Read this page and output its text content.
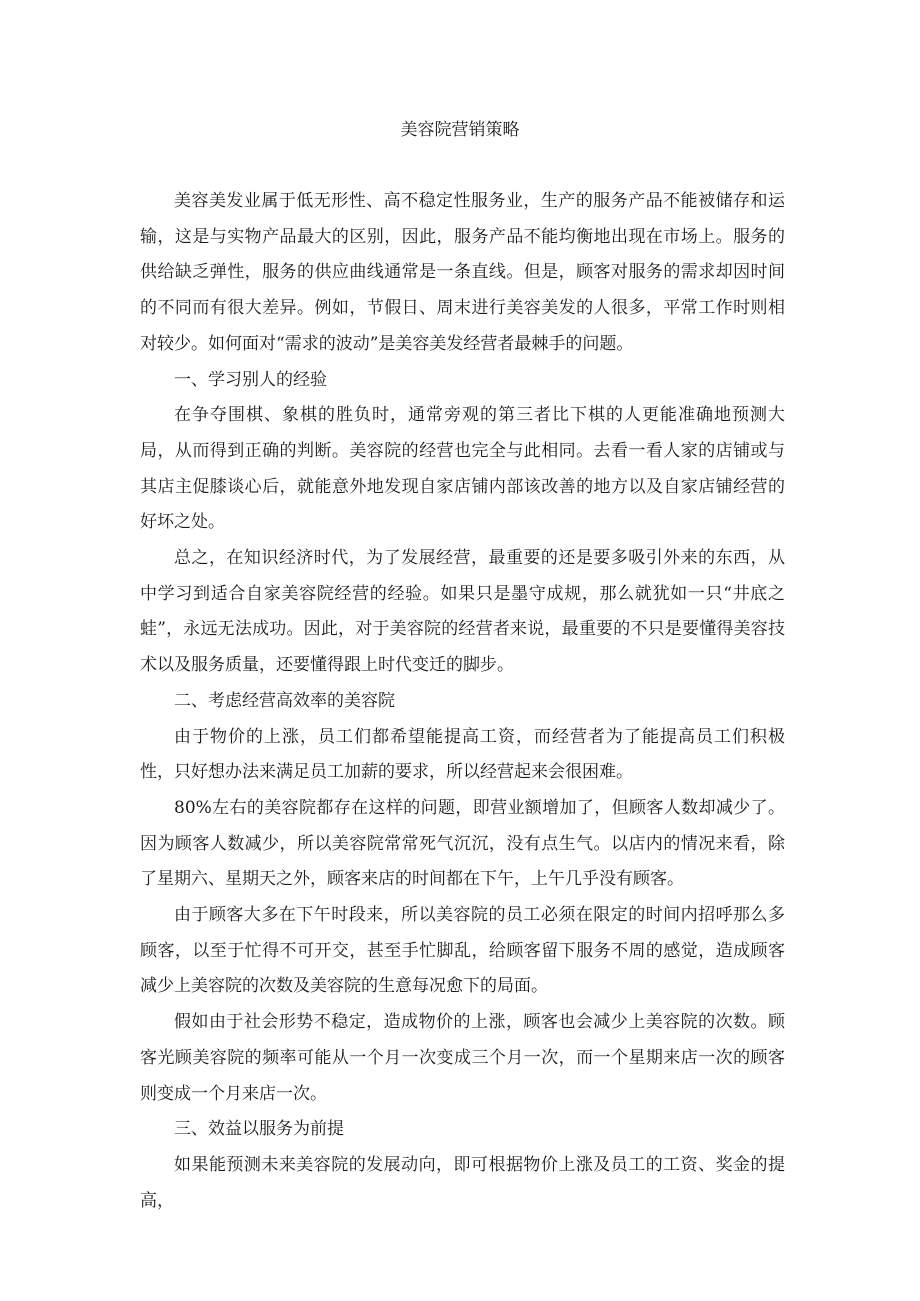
美容院营销策略

美容美发业属于低无形性、高不稳定性服务业，生产的服务产品不能被储存和运输，这是与实物产品最大的区别，因此，服务产品不能均衡地出现在市场上。服务的供给缺乏弹性，服务的供应曲线通常是一条直线。但是，顾客对服务的需求却因时间的不同而有很大差异。例如，节假日、周末进行美容美发的人很多，平常工作时则相对较少。如何面对“需求的波动”是美容美发经营者最棘手的问题。

一、学习别人的经验

在争夺围棋、象棋的胜负时，通常旁观的第三者比下棋的人更能准确地预测大局，从而得到正确的判断。美容院的经营也完全与此相同。去看一看人家的店铺或与其店主促膝谈心后，就能意外地发现自家店铺内部该改善的地方以及自家店铺经营的好坏之处。

总之，在知识经济时代，为了发展经营，最重要的还是要多吸引外来的东西，从中学习到适合自家美容院经营的经验。如果只是墨守成规，那么就犹如一只“井底之蛙”，永远无法成功。因此，对于美容院的经营者来说，最重要的不只是要懂得美容技术以及服务质量，还要懂得跟上时代变迁的脚步。

二、考虑经营高效率的美容院

由于物价的上涨，员工们都希望能提高工资，而经营者为了能提高员工们积极性，只好想办法来满足员工加薪的要求，所以经营起来会很困难。

80%左右的美容院都存在这样的问题，即营业额增加了，但顾客人数却减少了。因为顾客人数减少，所以美容院常常死气沉沉，没有点生气。以店内的情况来看，除了星期六、星期天之外，顾客来店的时间都在下午，上午几乎没有顾客。

由于顾客大多在下午时段来，所以美容院的员工必须在限定的时间内招呼那么多顾客，以至于忙得不可开交，甚至手忙脚乱，给顾客留下服务不周的感觉，造成顾客减少上美容院的次数及美容院的生意每况愈下的局面。

假如由于社会形势不稳定，造成物价的上涨，顾客也会减少上美容院的次数。顾客光顾美容院的频率可能从一个月一次变成三个月一次，而一个星期来店一次的顾客则变成一个月来店一次。

三、效益以服务为前提

如果能预测未来美容院的发展动向，即可根据物价上涨及员工的工资、奖金的提高，
